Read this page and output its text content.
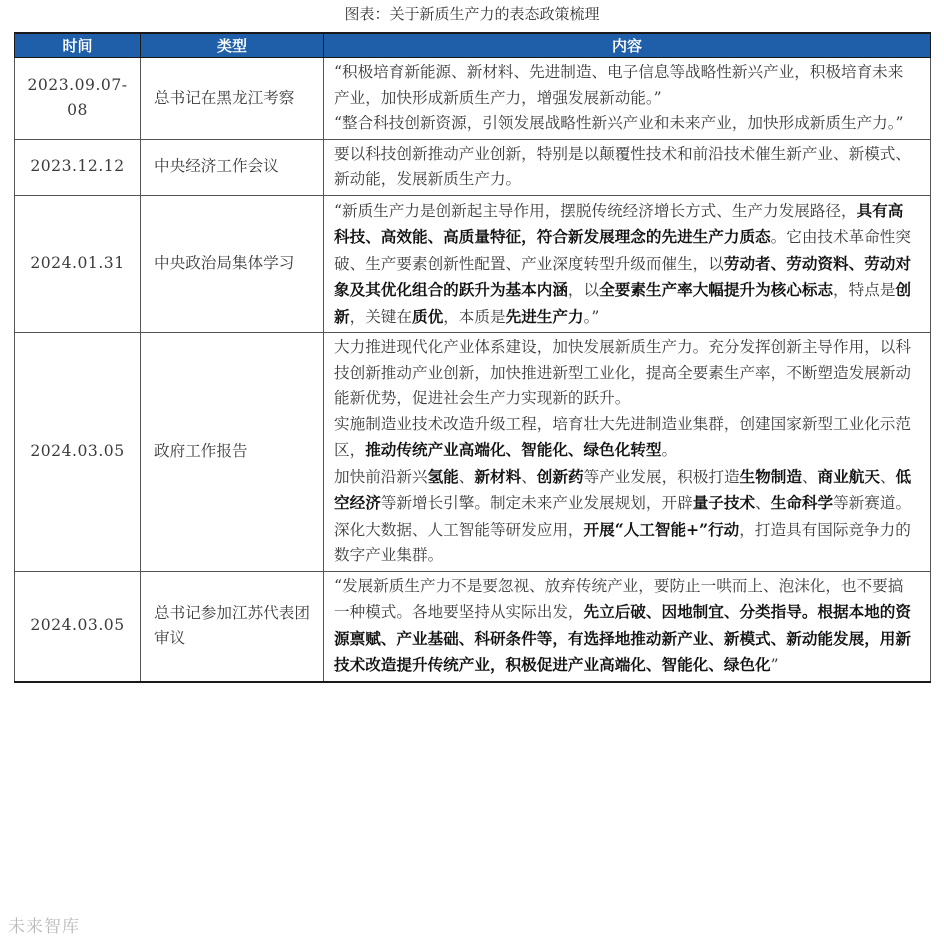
图表：关于新质生产力的表态政策梳理
时间	类型	内容
2023.09.07-08	总书记在黑龙江考察	“积极培育新能源、新材料、先进制造、电子信息等战略性新兴产业，积极培育未来产业，加快形成新质生产力，增强发展新动能。”

“整合科技创新资源，引领发展战略性新兴产业和未来产业，加快形成新质生产力。”

2023.12.12	中央经济工作会议	要以科技创新推动产业创新，特别是以颠覆性技术和前沿技术催生新产业、新模式、新动能，发展新质生产力。

2024.01.31	中央政治局集体学习	“新质生产力是创新起主导作用，摆脱传统经济增长方式、生产力发展路径，具有高科技、高效能、高质量特征，符合新发展理念的先进生产力质态。它由技术革命性突破、生产要素创新性配置、产业深度转型升级而催生，以劳动者、劳动资料、劳动对象及其优化组合的跃升为基本内涵，以全要素生产率大幅提升为核心标志，特点是创新，关键在质优，本质是先进生产力。”

2024.03.05	政府工作报告	大力推进现代化产业体系建设，加快发展新质生产力。充分发挥创新主导作用，以科技创新推动产业创新，加快推进新型工业化，提高全要素生产率，不断塑造发展新动能新优势，促进社会生产力实现新的跃升。

实施制造业技术改造升级工程，培育壮大先进制造业集群，创建国家新型工业化示范区，推动传统产业高端化、智能化、绿色化转型。

加快前沿新兴氢能、新材料、创新药等产业发展，积极打造生物制造、商业航天、低空经济等新增长引擎。制定未来产业发展规划，开辟量子技术、生命科学等新赛道。

深化大数据、人工智能等研发应用，开展“人工智能+”行动，打造具有国际竞争力的数字产业集群。

2024.03.05	总书记参加江苏代表团审议	“发展新质生产力不是要忽视、放弃传统产业，要防止一哄而上、泡沫化，也不要搞一种模式。各地要坚持从实际出发，先立后破、因地制宜、分类指导。根据本地的资源禀赋、产业基础、科研条件等，有选择地推动新产业、新模式、新动能发展，用新技术改造提升传统产业，积极促进产业高端化、智能化、绿色化”

未来智库
